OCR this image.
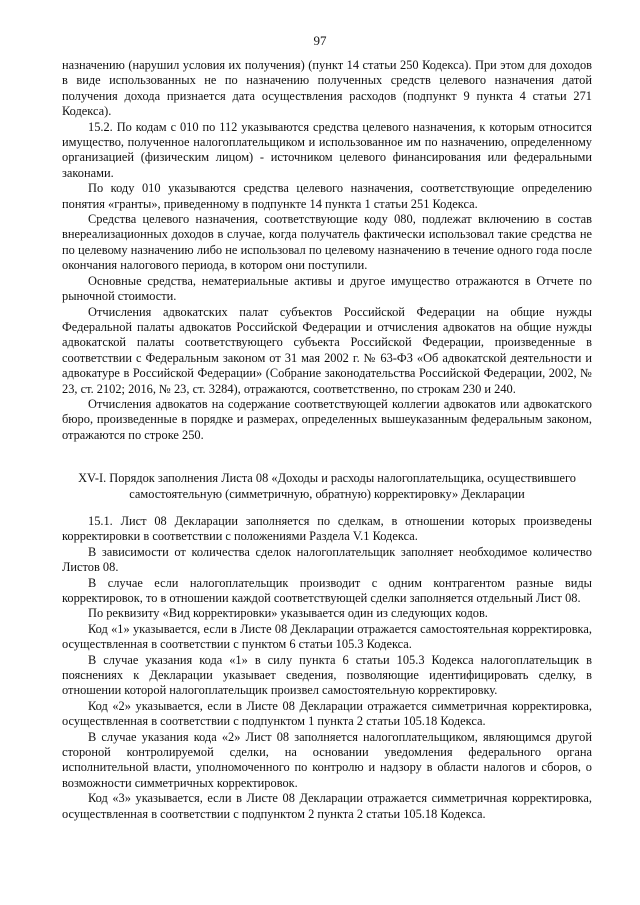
97

назначению (нарушил условия их получения) (пункт 14 статьи 250 Кодекса). При этом для доходов в виде использованных не по назначению полученных средств целевого назначения датой получения дохода признается дата осуществления расходов (подпункт 9 пункта 4 статьи 271 Кодекса).

15.2. По кодам с 010 по 112 указываются средства целевого назначения, к которым относится имущество, полученное налогоплательщиком и использованное им по назначению, определенному организацией (физическим лицом) - источником целевого финансирования или федеральными законами.

По коду 010 указываются средства целевого назначения, соответствующие определению понятия «гранты», приведенному в подпункте 14 пункта 1 статьи 251 Кодекса.

Средства целевого назначения, соответствующие коду 080, подлежат включению в состав внереализационных доходов в случае, когда получатель фактически использовал такие средства не по целевому назначению либо не использовал по целевому назначению в течение одного года после окончания налогового периода, в котором они поступили.

Основные средства, нематериальные активы и другое имущество отражаются в Отчете по рыночной стоимости.

Отчисления адвокатских палат субъектов Российской Федерации на общие нужды Федеральной палаты адвокатов Российской Федерации и отчисления адвокатов на общие нужды адвокатской палаты соответствующего субъекта Российской Федерации, произведенные в соответствии с Федеральным законом от 31 мая 2002 г. № 63-ФЗ «Об адвокатской деятельности и адвокатуре в Российской Федерации» (Собрание законодательства Российской Федерации, 2002, № 23, ст. 2102; 2016, № 23, ст. 3284), отражаются, соответственно, по строкам 230 и 240.

Отчисления адвокатов на содержание соответствующей коллегии адвокатов или адвокатского бюро, произведенные в порядке и размерах, определенных вышеуказанным федеральным законом, отражаются по строке 250.

XV-I. Порядок заполнения Листа 08 «Доходы и расходы налогоплательщика, осуществившего самостоятельную (симметричную, обратную) корректировку» Декларации

15.1. Лист 08 Декларации заполняется по сделкам, в отношении которых произведены корректировки в соответствии с положениями Раздела V.1 Кодекса.

В зависимости от количества сделок налогоплательщик заполняет необходимое количество Листов 08.

В случае если налогоплательщик производит с одним контрагентом разные виды корректировок, то в отношении каждой соответствующей сделки заполняется отдельный Лист 08.

По реквизиту «Вид корректировки» указывается один из следующих кодов.

Код «1» указывается, если в Листе 08 Декларации отражается самостоятельная корректировка, осуществленная в соответствии с пунктом 6 статьи 105.3 Кодекса.

В случае указания кода «1» в силу пункта 6 статьи 105.3 Кодекса налогоплательщик в пояснениях к Декларации указывает сведения, позволяющие идентифицировать сделку, в отношении которой налогоплательщик произвел самостоятельную корректировку.

Код «2» указывается, если в Листе 08 Декларации отражается симметричная корректировка, осуществленная в соответствии с подпунктом 1 пункта 2 статьи 105.18 Кодекса.

В случае указания кода «2» Лист 08 заполняется налогоплательщиком, являющимся другой стороной контролируемой сделки, на основании уведомления федерального органа исполнительной власти, уполномоченного по контролю и надзору в области налогов и сборов, о возможности симметричных корректировок.

Код «3» указывается, если в Листе 08 Декларации отражается симметричная корректировка, осуществленная в соответствии с подпунктом 2 пункта 2 статьи 105.18 Кодекса.
